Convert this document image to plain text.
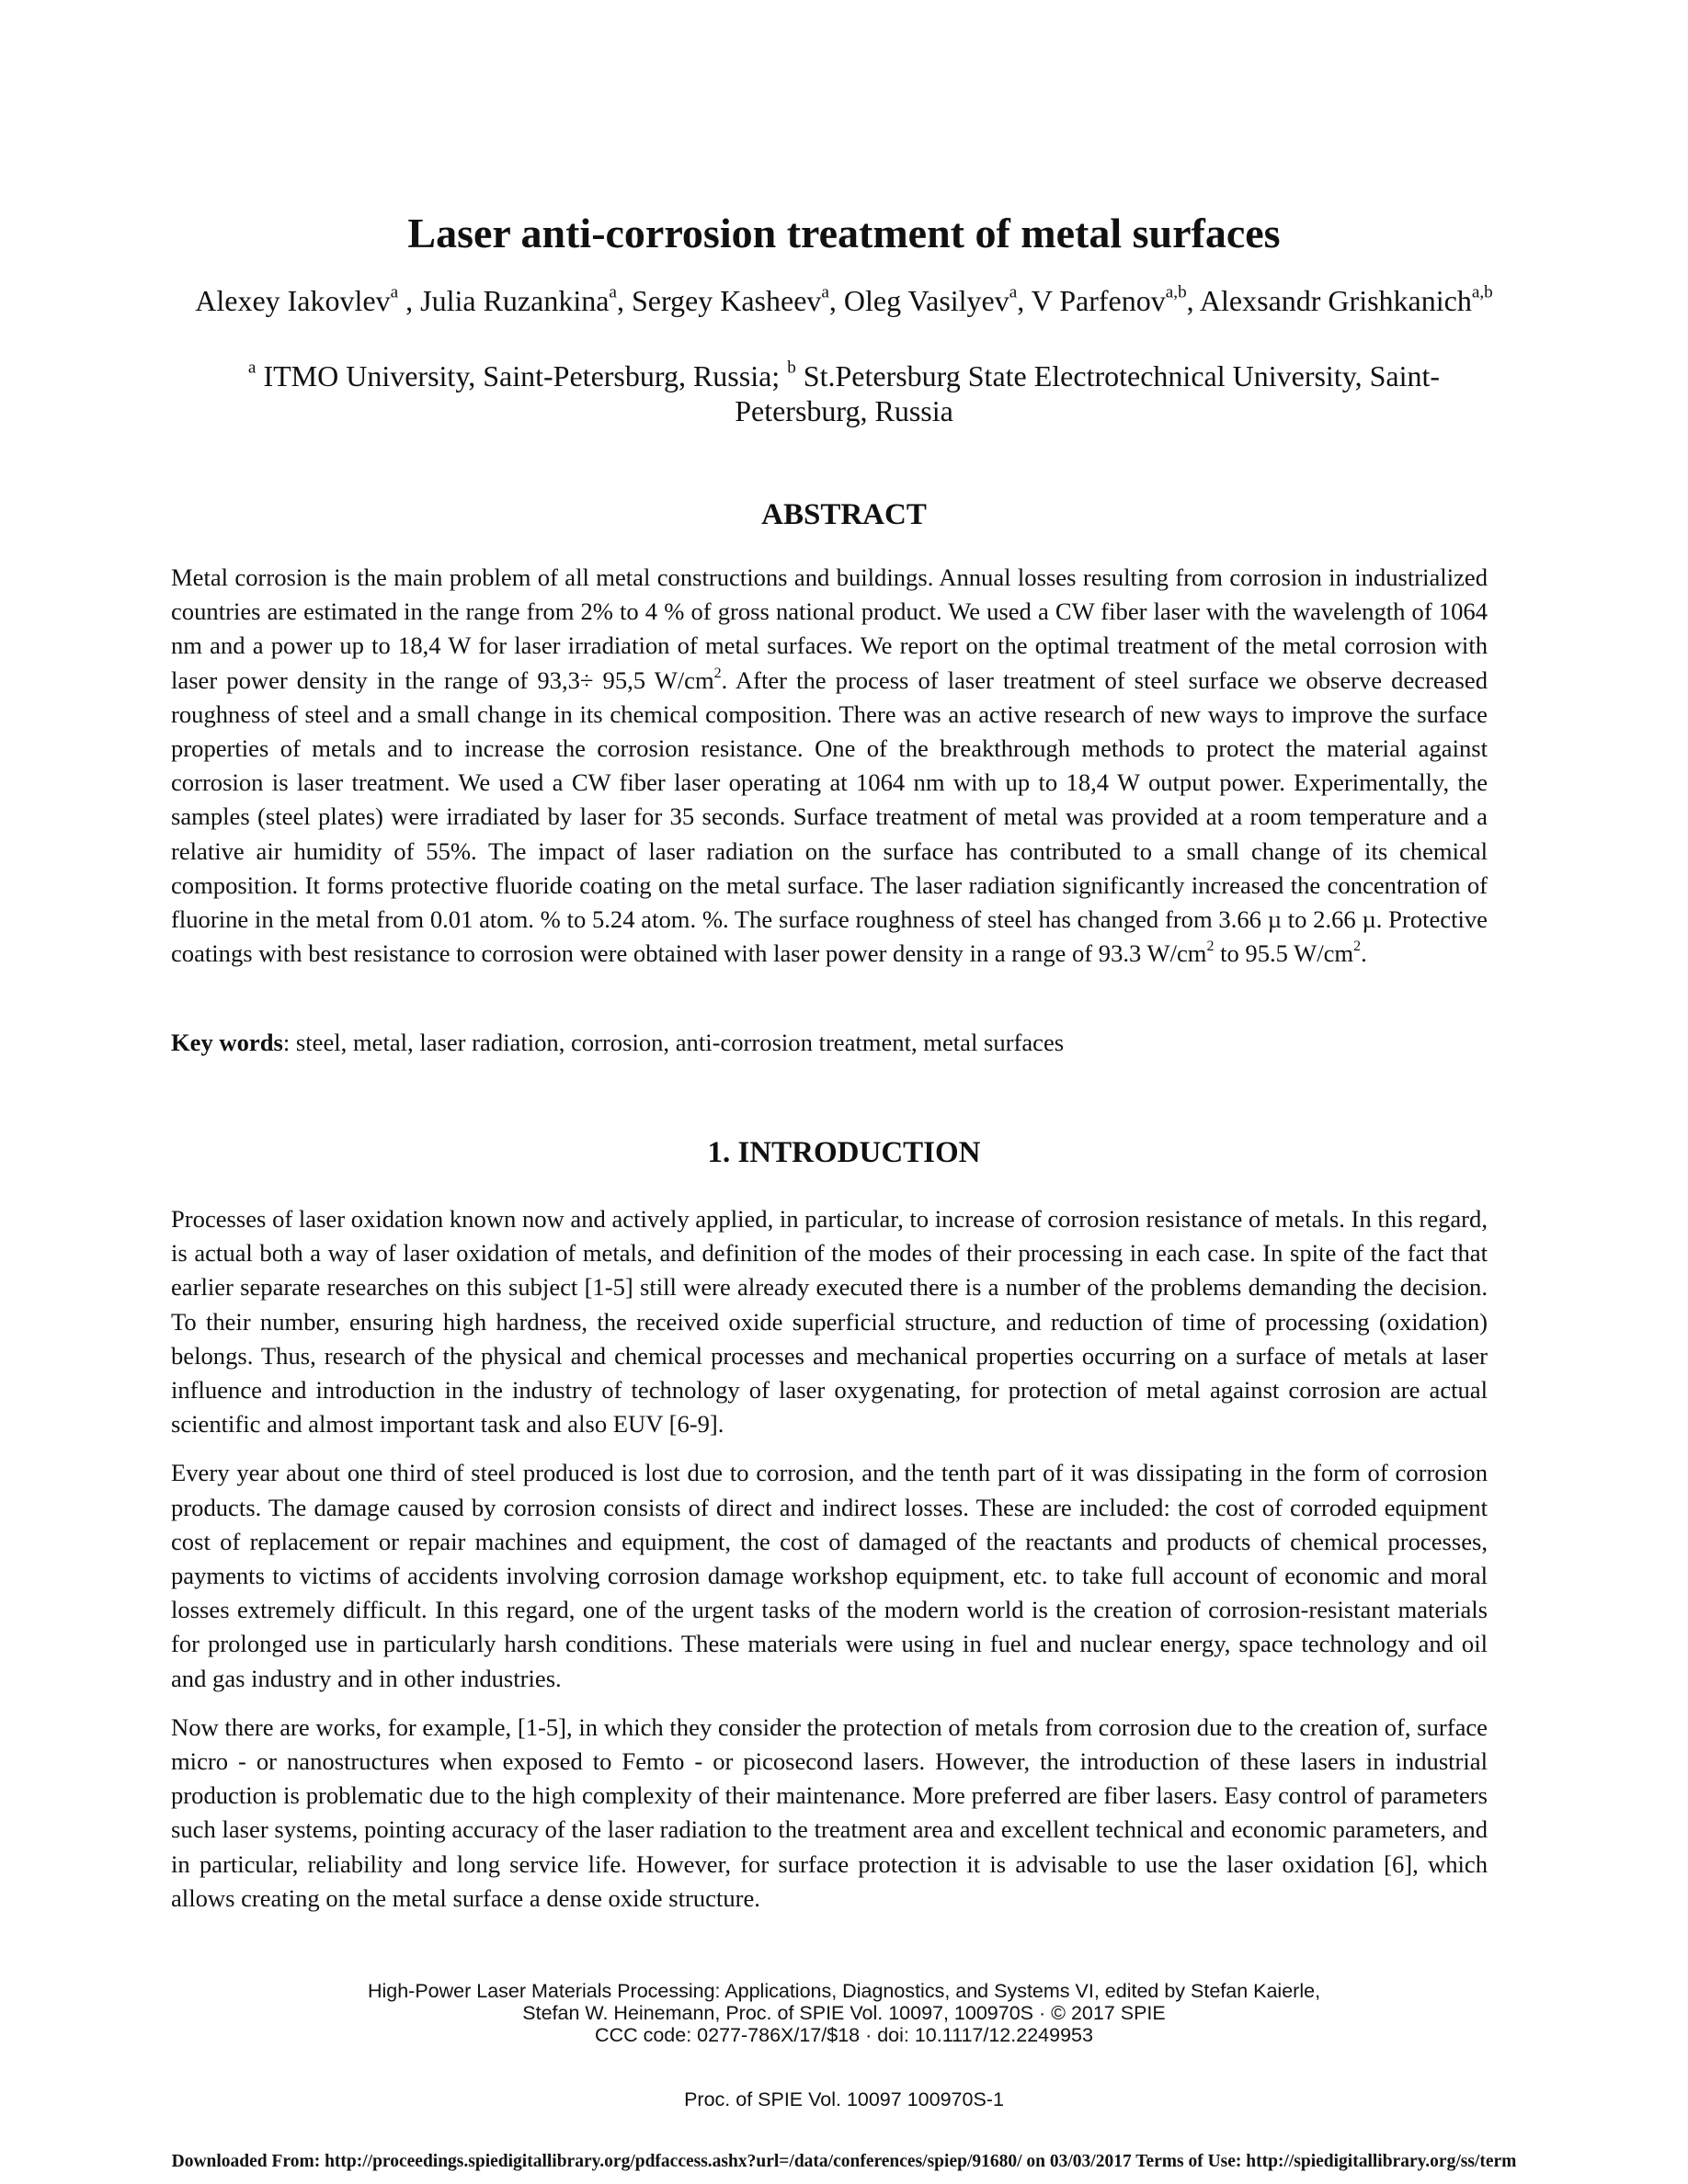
Laser anti-corrosion treatment of metal surfaces
Alexey Iakovlev$^a$ , Julia Ruzankina$^a$, Sergey Kasheev$^a$, Oleg Vasilyev$^a$, V Parfenov$^{a,b}$, Alexsandr Grishkanich$^{a,b}$
$^a$ ITMO University, Saint-Petersburg, Russia; $^b$ St.Petersburg State Electrotechnical University, Saint-Petersburg, Russia
ABSTRACT

Metal corrosion is the main problem of all metal constructions and buildings. Annual losses resulting from corrosion in industrialized countries are estimated in the range from 2% to 4 % of gross national product. We used a CW fiber laser with the wavelength of 1064 nm and a power up to 18,4 W for laser irradiation of metal surfaces. We report on the optimal treatment of the metal corrosion with laser power density in the range of 93,3÷ 95,5 $W/cm^2$. After the process of laser treatment of steel surface we observe decreased roughness of steel and a small change in its chemical composition. There was an active research of new ways to improve the surface properties of metals and to increase the corrosion resistance. One of the breakthrough methods to protect the material against corrosion is laser treatment. We used a CW fiber laser operating at 1064 nm with up to 18,4 W output power. Experimentally, the samples (steel plates) were irradiated by laser for 35 seconds. Surface treatment of metal was provided at a room temperature and a relative air humidity of 55%. The impact of laser radiation on the surface has contributed to a small change of its chemical composition. It forms protective fluoride coating on the metal surface. The laser radiation significantly increased the concentration of fluorine in the metal from 0.01 atom. % to 5.24 atom. %. The surface roughness of steel has changed from 3.66 µ to 2.66 µ. Protective coatings with best resistance to corrosion were obtained with laser power density in a range of 93.3 $W/cm^2$ to 95.5 $W/cm^2$.

Key words: steel, metal, laser radiation, corrosion, anti-corrosion treatment, metal surfaces

1. INTRODUCTION

Processes of laser oxidation known now and actively applied, in particular, to increase of corrosion resistance of metals. In this regard, is actual both a way of laser oxidation of metals, and definition of the modes of their processing in each case. In spite of the fact that earlier separate researches on this subject [1-5] still were already executed there is a number of the problems demanding the decision. To their number, ensuring high hardness, the received oxide superficial structure, and reduction of time of processing (oxidation) belongs. Thus, research of the physical and chemical processes and mechanical properties occurring on a surface of metals at laser influence and introduction in the industry of technology of laser oxygenating, for protection of metal against corrosion are actual scientific and almost important task and also EUV [6-9].

Every year about one third of steel produced is lost due to corrosion, and the tenth part of it was dissipating in the form of corrosion products. The damage caused by corrosion consists of direct and indirect losses. These are included: the cost of corroded equipment cost of replacement or repair machines and equipment, the cost of damaged of the reactants and products of chemical processes, payments to victims of accidents involving corrosion damage workshop equipment, etc. to take full account of economic and moral losses extremely difficult. In this regard, one of the urgent tasks of the modern world is the creation of corrosion-resistant materials for prolonged use in particularly harsh conditions. These materials were using in fuel and nuclear energy, space technology and oil and gas industry and in other industries.

Now there are works, for example, [1-5], in which they consider the protection of metals from corrosion due to the creation of, surface micro - or nanostructures when exposed to Femto - or picosecond lasers. However, the introduction of these lasers in industrial production is problematic due to the high complexity of their maintenance. More preferred are fiber lasers. Easy control of parameters such laser systems, pointing accuracy of the laser radiation to the treatment area and excellent technical and economic parameters, and in particular, reliability and long service life. However, for surface protection it is advisable to use the laser oxidation [6], which allows creating on the metal surface a dense oxide structure.

High-Power Laser Materials Processing: Applications, Diagnostics, and Systems VI, edited by Stefan Kaierle,
Stefan W. Heinemann, Proc. of SPIE Vol. 10097, 100970S · © 2017 SPIE
CCC code: 0277-786X/17/$18 · doi: 10.1117/12.2249953
Proc. of SPIE Vol. 10097 100970S-1
Downloaded From: http://proceedings.spiedigitallibrary.org/pdfaccess.ashx?url=/data/conferences/spiep/91680/ on 03/03/2017 Terms of Use: http://spiedigitallibrary.org/ss/term
